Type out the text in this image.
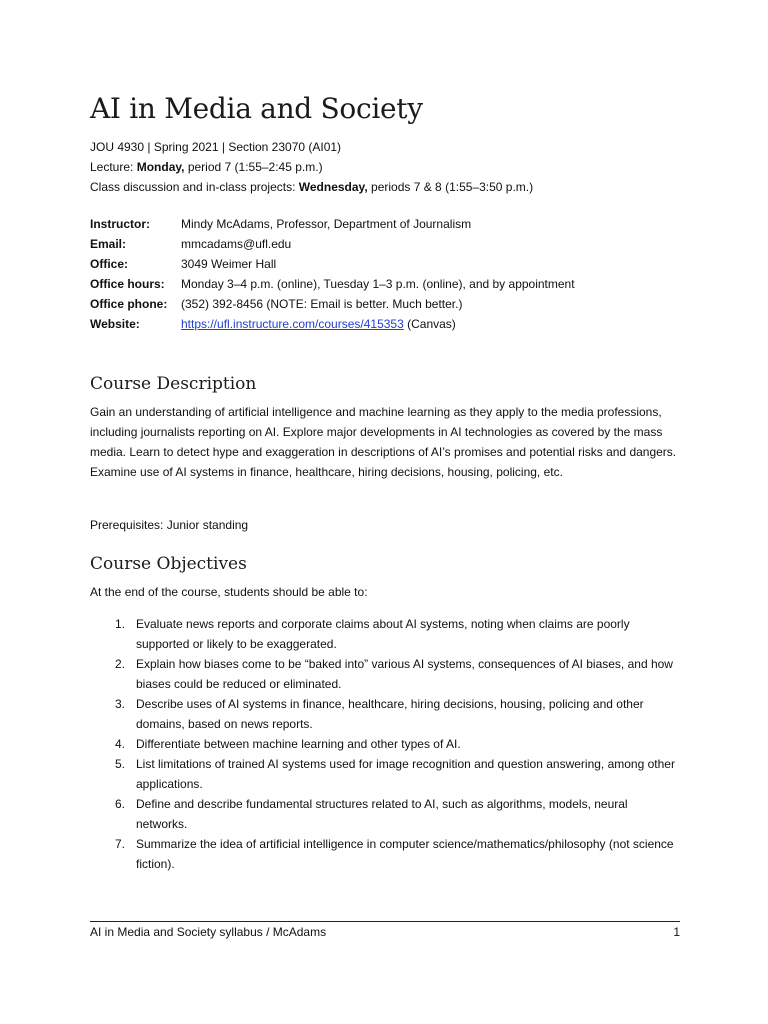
AI in Media and Society
JOU 4930 | Spring 2021 | Section 23070 (AI01)
Lecture: Monday, period 7 (1:55–2:45 p.m.)
Class discussion and in-class projects: Wednesday, periods 7 & 8 (1:55–3:50 p.m.)
Instructor:	Mindy McAdams, Professor, Department of Journalism
Email:	mmcadams@ufl.edu
Office:	3049 Weimer Hall
Office hours:	Monday 3–4 p.m. (online), Tuesday 1–3 p.m. (online), and by appointment
Office phone:	(352) 392-8456 (NOTE: Email is better. Much better.)
Website:	https://ufl.instructure.com/courses/415353 (Canvas)
Course Description
Gain an understanding of artificial intelligence and machine learning as they apply to the media professions, including journalists reporting on AI. Explore major developments in AI technologies as covered by the mass media. Learn to detect hype and exaggeration in descriptions of AI’s promises and potential risks and dangers. Examine use of AI systems in finance, healthcare, hiring decisions, housing, policing, etc.
Prerequisites: Junior standing
Course Objectives
At the end of the course, students should be able to:
1. Evaluate news reports and corporate claims about AI systems, noting when claims are poorly supported or likely to be exaggerated.
2. Explain how biases come to be “baked into” various AI systems, consequences of AI biases, and how biases could be reduced or eliminated.
3. Describe uses of AI systems in finance, healthcare, hiring decisions, housing, policing and other domains, based on news reports.
4. Differentiate between machine learning and other types of AI.
5. List limitations of trained AI systems used for image recognition and question answering, among other applications.
6. Define and describe fundamental structures related to AI, such as algorithms, models, neural networks.
7. Summarize the idea of artificial intelligence in computer science/mathematics/philosophy (not science fiction).
AI in Media and Society syllabus / McAdams	1
